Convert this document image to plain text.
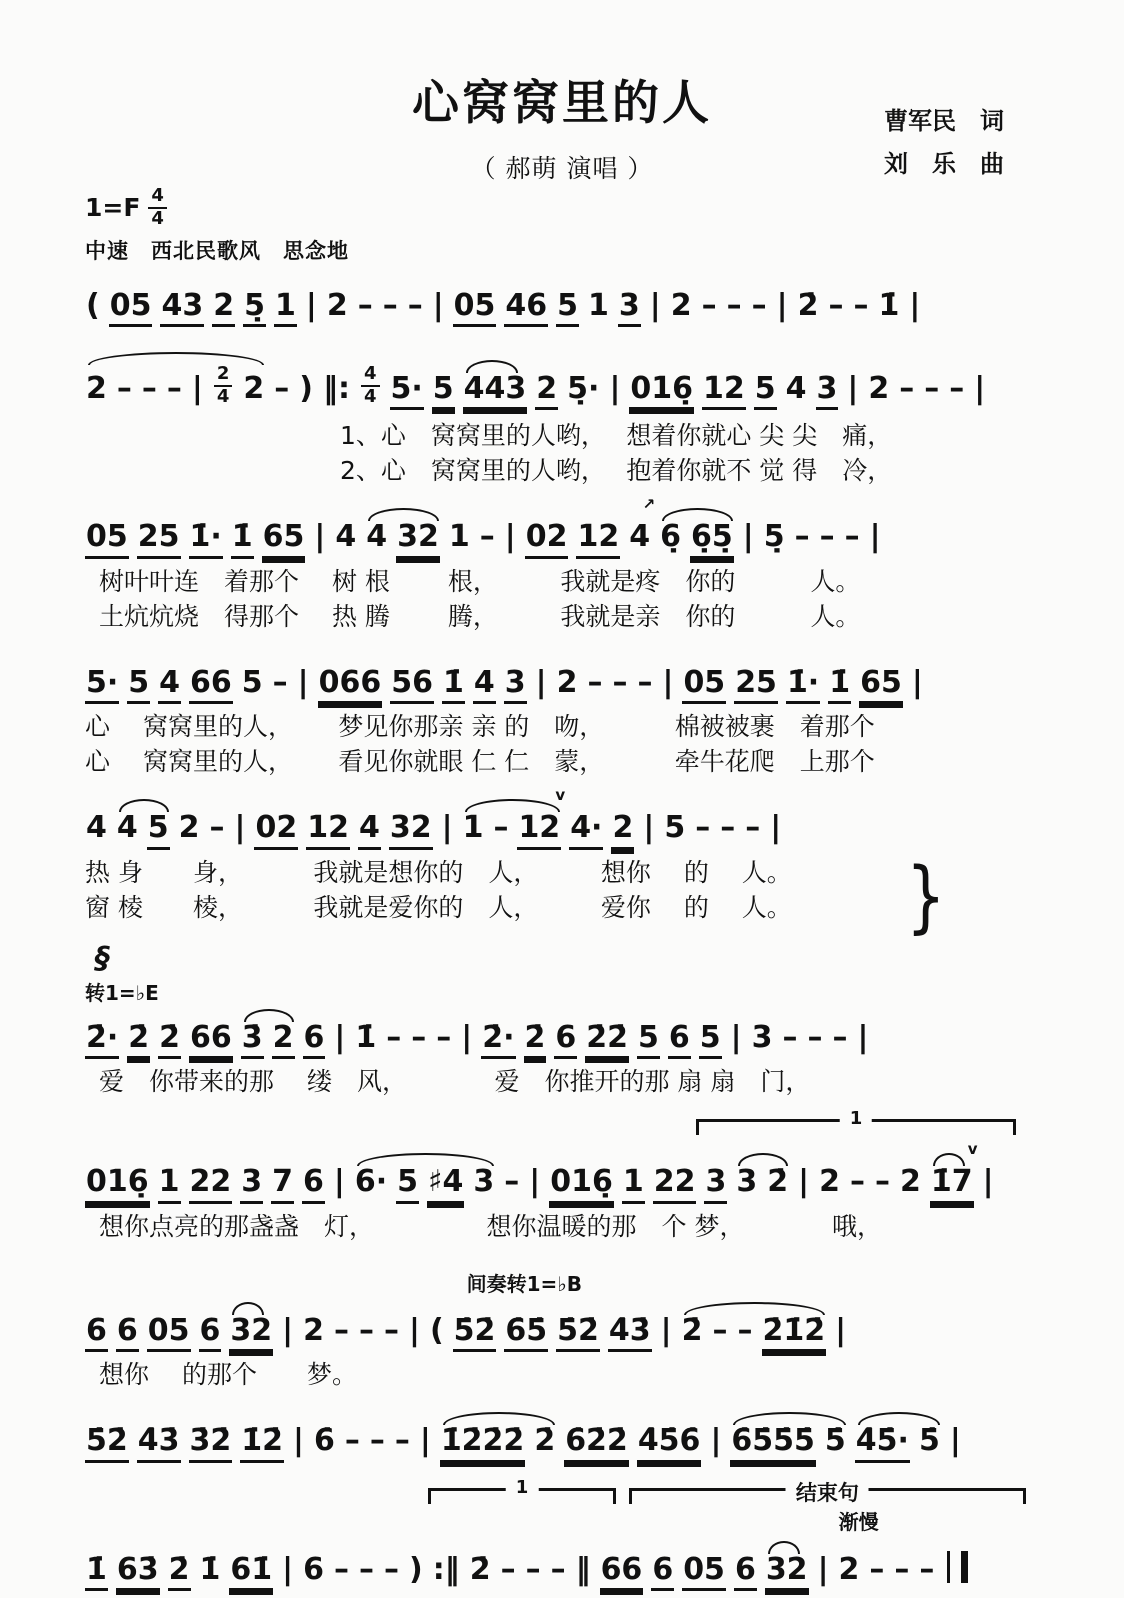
心窝窝里的人
（ 郝萌 演唱 ）
曹军民　词
刘　乐　曲
1=F 4
4
中速　西北民歌风　思念地
( 05 43 2 5̣ 1 | 2 – – – | 05 46 5 1 3 | 2 – – – | 2̇ – – 1̇ |
2 – – – | $\frac{2}{4} 2$ – ) ‖: $\frac{4}{4} 5\cdot 5$ 443 2 5̣· | 016̣ 12 5 4 3 | 2 – – – |
1、心　窝窝里的人哟，　 想着你就心 尖 尖　痛，
2、心　窝窝里的人哟，　 抱着你就不 觉 得　冷，
05 25 1̇· 1̇ 65 | 4 4 32 1 – | 02 12 4
↗
6̣ 6̣5̣ | 5̣ – – – |
树叶叶连　着那个　 树 根　　 根，　　　我就是疼　你的　　　人。
土炕炕烧　得那个　 热 腾　　 腾，　　　我就是亲　你的　　　人。
5· 5 4 66 5 – | 066 56 1̇ 4 3 | 2 – – – | 05 25 1̇· 1̇ 65 |
心　 窝窝里的人，　　 梦见你那亲 亲 的　吻，　　　 棉被被裹　着那个
心　 窝窝里的人，　　 看见你就眼 仁 仁　蒙，　　　 牵牛花爬　上那个
4 4 5 2 – | 02 12 4 32 | 1 – 12
v
4· 2 | 5 – – – |
热 身　　身，　　　 我就是想你的　人，　　　想你　 的　 人。
窗 棱　　棱，　　　 我就是爱你的　人，　　　爱你　 的　 人。	}
§
转1=♭E
2̇· 2̇ 2̇ 66 3̇ 2 6 | 1̇ – – – | 2̇· 2̇ 6 2̇2̇ 5 6 5 | 3 – – – |
爱　你带来的那　 缕　风，　　　　爱　你推开的那 扇 扇　门，
1
016̣ 1 22 3 7 6 | 6· 5 ♯4 3 – | 016̣ 1 22 3 3 2̇ | 2 – – 2 1̇7
v
|
想你点亮的那盏盏　灯，　　　　　想你温暖的那　个 梦，　　　　哦，
间奏转1=♭B
6 6 05 6 32 | 2 – – – | ( 5̇2̇ 6̇5̇ 5̇2̇ 4̇3̇ | 2̇ – – 2̇1̇2̇ |
想你　 的那个　　梦。
5̇2̇ 4̇3̇ 3̇2̇ 1̇2̇ | 6̇ – – – | 1̇2̇2̇2̇ 2̇ 6̇2̇2̇ 4̇5̇6̇ | 6̇5̇5̇5̇ 5̇ 4̇5̇· 5̇ |
1	结束句
渐慢
1̇ 63̇ 2̇ 1̇ 61̇ | 6 – – – ) :‖ 2̇ – – – ‖ 66 6 05 6 32 | 2 – – –
